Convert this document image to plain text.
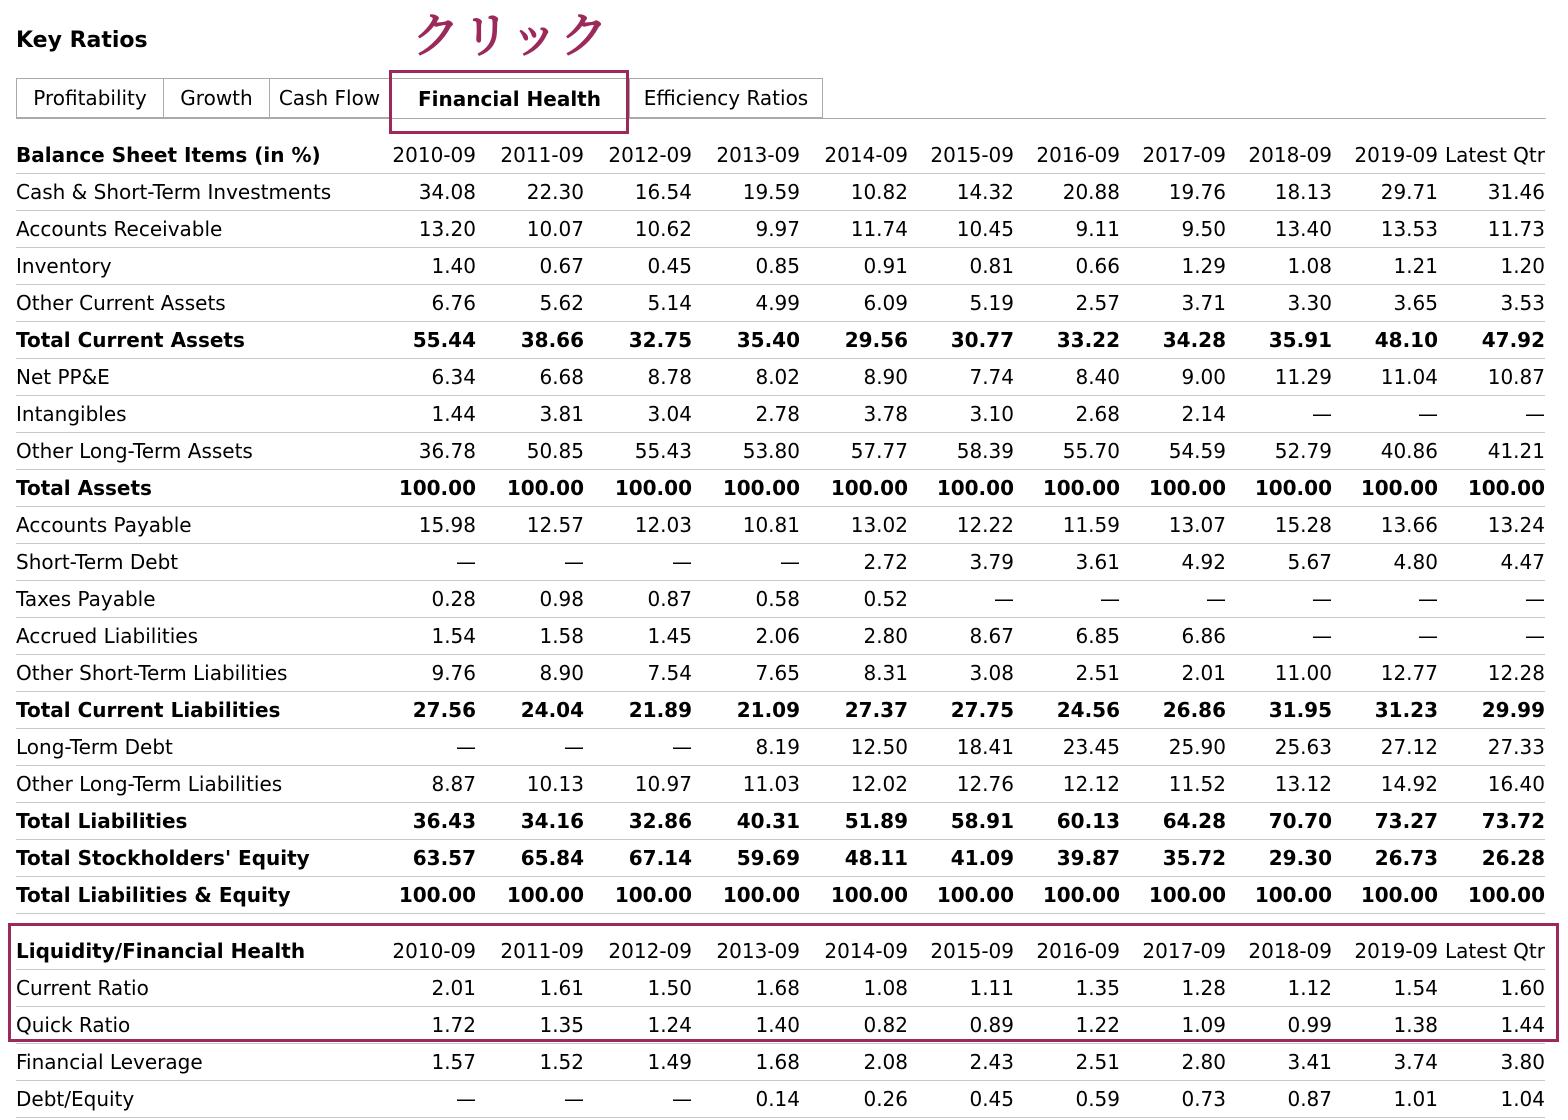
Key Ratios	クリック
Profitability	Growth	Cash Flow	Financial Health	Efficiency Ratios
Balance Sheet Items (in %)	2010-09	2011-09	2012-09	2013-09	2014-09	2015-09	2016-09	2017-09	2018-09	2019-09	Latest Qtr
Cash & Short-Term Investments	34.08	22.30	16.54	19.59	10.82	14.32	20.88	19.76	18.13	29.71	31.46
Accounts Receivable	13.20	10.07	10.62	9.97	11.74	10.45	9.11	9.50	13.40	13.53	11.73
Inventory	1.40	0.67	0.45	0.85	0.91	0.81	0.66	1.29	1.08	1.21	1.20
Other Current Assets	6.76	5.62	5.14	4.99	6.09	5.19	2.57	3.71	3.30	3.65	3.53
Total Current Assets	55.44	38.66	32.75	35.40	29.56	30.77	33.22	34.28	35.91	48.10	47.92
Net PP&E	6.34	6.68	8.78	8.02	8.90	7.74	8.40	9.00	11.29	11.04	10.87
Intangibles	1.44	3.81	3.04	2.78	3.78	3.10	2.68	2.14	—	—	—
Other Long-Term Assets	36.78	50.85	55.43	53.80	57.77	58.39	55.70	54.59	52.79	40.86	41.21
Total Assets	100.00	100.00	100.00	100.00	100.00	100.00	100.00	100.00	100.00	100.00	100.00
Accounts Payable	15.98	12.57	12.03	10.81	13.02	12.22	11.59	13.07	15.28	13.66	13.24
Short-Term Debt	—	—	—	—	2.72	3.79	3.61	4.92	5.67	4.80	4.47
Taxes Payable	0.28	0.98	0.87	0.58	0.52	—	—	—	—	—	—
Accrued Liabilities	1.54	1.58	1.45	2.06	2.80	8.67	6.85	6.86	—	—	—
Other Short-Term Liabilities	9.76	8.90	7.54	7.65	8.31	3.08	2.51	2.01	11.00	12.77	12.28
Total Current Liabilities	27.56	24.04	21.89	21.09	27.37	27.75	24.56	26.86	31.95	31.23	29.99
Long-Term Debt	—	—	—	8.19	12.50	18.41	23.45	25.90	25.63	27.12	27.33
Other Long-Term Liabilities	8.87	10.13	10.97	11.03	12.02	12.76	12.12	11.52	13.12	14.92	16.40
Total Liabilities	36.43	34.16	32.86	40.31	51.89	58.91	60.13	64.28	70.70	73.27	73.72
Total Stockholders' Equity	63.57	65.84	67.14	59.69	48.11	41.09	39.87	35.72	29.30	26.73	26.28
Total Liabilities & Equity	100.00	100.00	100.00	100.00	100.00	100.00	100.00	100.00	100.00	100.00	100.00
Liquidity/Financial Health	2010-09	2011-09	2012-09	2013-09	2014-09	2015-09	2016-09	2017-09	2018-09	2019-09	Latest Qtr
Current Ratio	2.01	1.61	1.50	1.68	1.08	1.11	1.35	1.28	1.12	1.54	1.60
Quick Ratio	1.72	1.35	1.24	1.40	0.82	0.89	1.22	1.09	0.99	1.38	1.44
Financial Leverage	1.57	1.52	1.49	1.68	2.08	2.43	2.51	2.80	3.41	3.74	3.80
Debt/Equity	—	—	—	0.14	0.26	0.45	0.59	0.73	0.87	1.01	1.04
